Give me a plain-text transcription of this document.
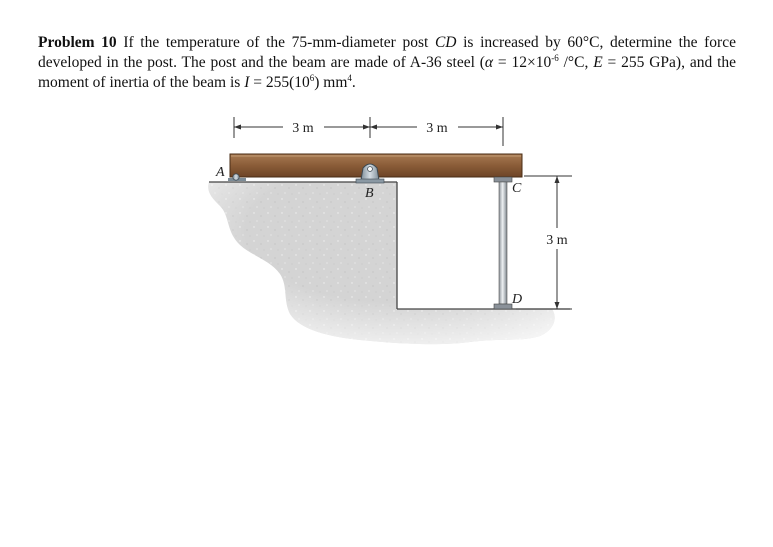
Problem 10 If the temperature of the 75-mm-diameter post CD is increased by 60°C, determine the force developed in the post. The post and the beam are made of A-36 steel ($\alpha = 12\times 10^{-6}$ /°C, E = 255 GPa), and the moment of inertia of the beam is $I = 255(10^6)$ $mm^4$.
3 m	3 m
3 m
A
B	C
D
